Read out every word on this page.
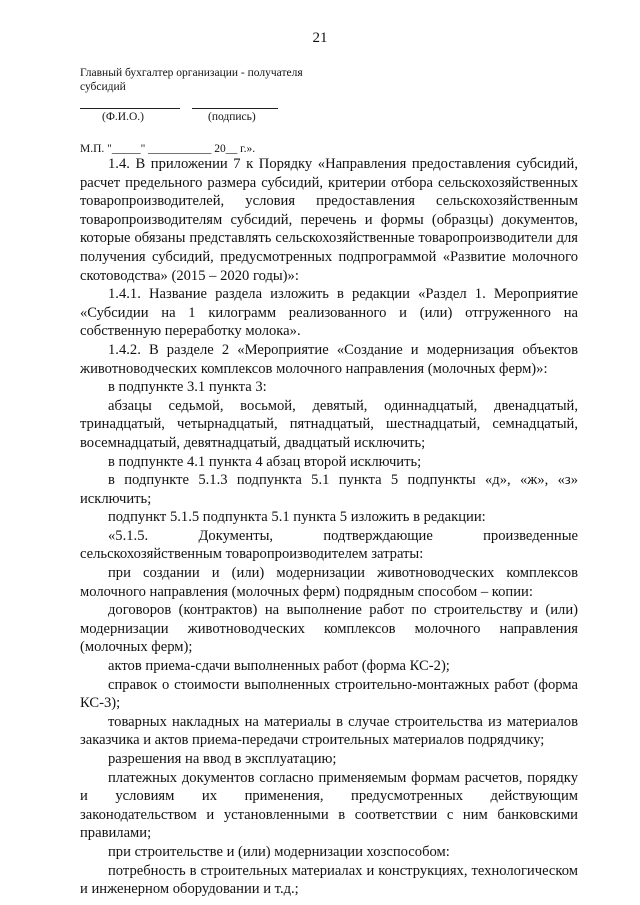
21
Главный бухгалтер организации - получателя субсидий
(Ф.И.О.)	(подпись)
М.П. "_____" ___________ 20__ г.».

1.4. В приложении 7 к Порядку «Направления предоставления субсидий, расчет предельного размера субсидий, критерии отбора сельскохозяйственных товаропроизводителей, условия предоставления сельскохозяйственным товаропроизводителям субсидий, перечень и формы (образцы) документов, которые обязаны представлять сельскохозяйственные товаропроизводители для получения субсидий, предусмотренных подпрограммой «Развитие молочного скотоводства» (2015 – 2020 годы)»:

1.4.1. Название раздела изложить в редакции «Раздел 1. Мероприятие «Субсидии на 1 килограмм реализованного и (или) отгруженного на собственную переработку молока».

1.4.2. В разделе 2 «Мероприятие «Создание и модернизация объектов животноводческих комплексов молочного направления (молочных ферм)»:

в подпункте 3.1 пункта 3:

абзацы седьмой, восьмой, девятый, одиннадцатый, двенадцатый, тринадцатый, четырнадцатый, пятнадцатый, шестнадцатый, семнадцатый, восемнадцатый, девятнадцатый, двадцатый исключить;

в подпункте 4.1 пункта 4 абзац второй исключить;

в подпункте 5.1.3 подпункта 5.1 пункта 5 подпункты «д», «ж», «з» исключить;

подпункт 5.1.5 подпункта 5.1 пункта 5 изложить в редакции:

«5.1.5. Документы, подтверждающие произведенные сельскохозяйственным товаропроизводителем затраты:

при создании и (или) модернизации животноводческих комплексов молочного направления (молочных ферм) подрядным способом – копии:

договоров (контрактов) на выполнение работ по строительству и (или) модернизации животноводческих комплексов молочного направления (молочных ферм);

актов приема-сдачи выполненных работ (форма КС-2);

справок о стоимости выполненных строительно-монтажных работ (форма КС-3);

товарных накладных на материалы в случае строительства из материалов заказчика и актов приема-передачи строительных материалов подрядчику;

разрешения на ввод в эксплуатацию;

платежных документов согласно применяемым формам расчетов, порядку и условиям их применения, предусмотренных действующим законодательством и установленными в соответствии с ним банковскими правилами;

при строительстве и (или) модернизации хозспособом:

потребность в строительных материалах и конструкциях, технологическом и инженерном оборудовании и т.д.;
